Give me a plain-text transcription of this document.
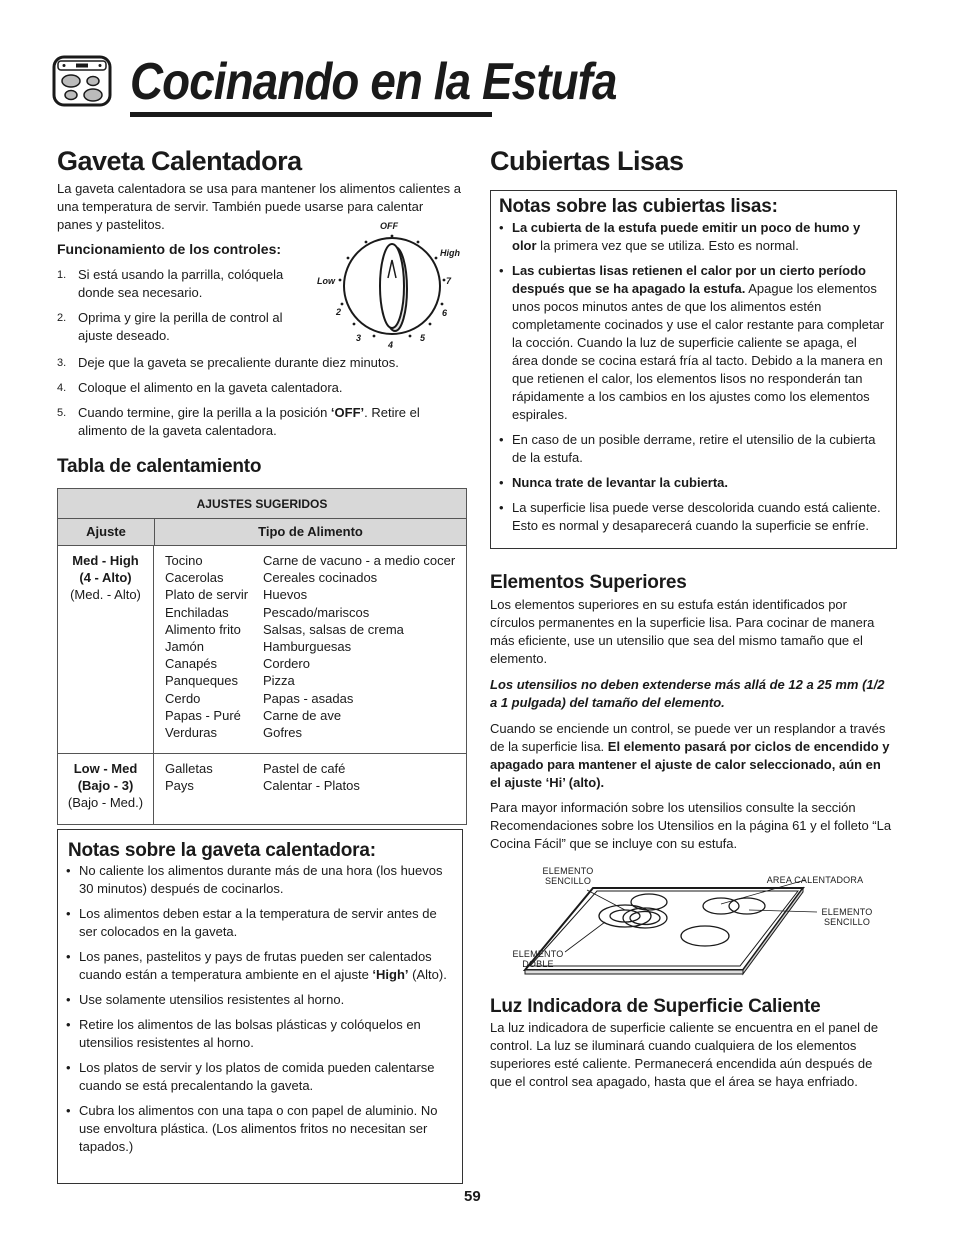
Cocinando en la Estufa
Gaveta Calentadora
La gaveta calentadora se usa para mantener los alimentos calientes a una temperatura de servir. También puede usarse para calentar panes y pastelitos.
Funcionamiento de los controles:
1. Si está usando la parrilla, colóquela donde sea necesario.
2. Oprima y gire la perilla de control al ajuste deseado.
3. Deje que la gaveta se precaliente durante diez minutos.
4. Coloque el alimento en la gaveta calentadora.
5. Cuando termine, gire la perilla a la posición ‘OFF’. Retire el alimento de la gaveta calentadora.
OFF
High
Low
2
3
4
5
6
7
Tabla de calentamiento
AJUSTES SUGERIDOS
Ajuste	Tipo de Alimento
Med - High
(4 - Alto)
(Med. - Alto)
Tocino
Cacerolas
Plato de servir
Enchiladas
Alimento frito
Jamón
Canapés
Panqueques
Cerdo
Papas - Puré
Verduras
Carne de vacuno - a medio cocer
Cereales cocinados
Huevos
Pescado/mariscos
Salsas, salsas de crema
Hamburguesas
Cordero
Pizza
Papas - asadas
Carne de ave
Gofres
Low - Med
(Bajo - 3)
(Bajo - Med.)
Galletas
Pays
Pastel de café
Calentar - Platos
Notas sobre la gaveta calentadora:
• No caliente los alimentos durante más de una hora (los huevos 30 minutos) después de cocinarlos.
• Los alimentos deben estar a la temperatura de servir antes de ser colocados en la gaveta.
• Los panes, pastelitos y pays de frutas pueden ser calentados cuando están a temperatura ambiente en el ajuste ‘High’ (Alto).
• Use solamente utensilios resistentes al horno.
• Retire los alimentos de las bolsas plásticas y colóquelos en utensilios resistentes al horno.
• Los platos de servir y los platos de comida pueden calentarse cuando se está precalentando la gaveta.
• Cubra los alimentos con una tapa o con papel de aluminio. No use envoltura plástica. (Los alimentos fritos no necesitan ser tapados.)
Cubiertas Lisas
Notas sobre las cubiertas lisas:
• La cubierta de la estufa puede emitir un poco de humo y olor la primera vez que se utiliza. Esto es normal.
• Las cubiertas lisas retienen el calor por un cierto período después que se ha apagado la estufa. Apague los elementos unos pocos minutos antes de que los alimentos estén completamente cocinados y use el calor restante para completar la cocción. Cuando la luz de superficie caliente se apaga, el área donde se cocina estará fría al tacto. Debido a la manera en que retienen el calor, los elementos lisos no responderán tan rápidamente a los cambios en los ajustes como los elementos espirales.
• En caso de un posible derrame, retire el utensilio de la cubierta de la estufa.
• Nunca trate de levantar la cubierta.
• La superficie lisa puede verse descolorida cuando está caliente. Esto es normal y desaparecerá cuando la superficie se enfríe.
Elementos Superiores
Los elementos superiores en su estufa están identificados por círculos permanentes en la superficie lisa. Para cocinar de manera más eficiente, use un utensilio que sea del mismo tamaño que el elemento.
Los utensilios no deben extenderse más allá de 12 a 25 mm (1/2 a 1 pulgada) del tamaño del elemento.
Cuando se enciende un control, se puede ver un resplandor a través de la superficie lisa. El elemento pasará por ciclos de encendido y apagado para mantener el ajuste de calor seleccionado, aún en el ajuste ‘Hi’ (alto).
Para mayor información sobre los utensilios consulte la sección Recomendaciones sobre los Utensilios en la página 61 y el folleto “La Cocina Fácil” que se incluye con su estufa.
ELEMENTO SENCILLO	AREA CALENTADORA
ELEMENTO SENCILLO
ELEMENTO DOBLE
Luz Indicadora de Superficie Caliente
La luz indicadora de superficie caliente se encuentra en el panel de control. La luz se iluminará cuando cualquiera de los elementos superiores esté caliente. Permanecerá encendida aún después de que el control sea apagado, hasta que el área se haya enfriado.
59
